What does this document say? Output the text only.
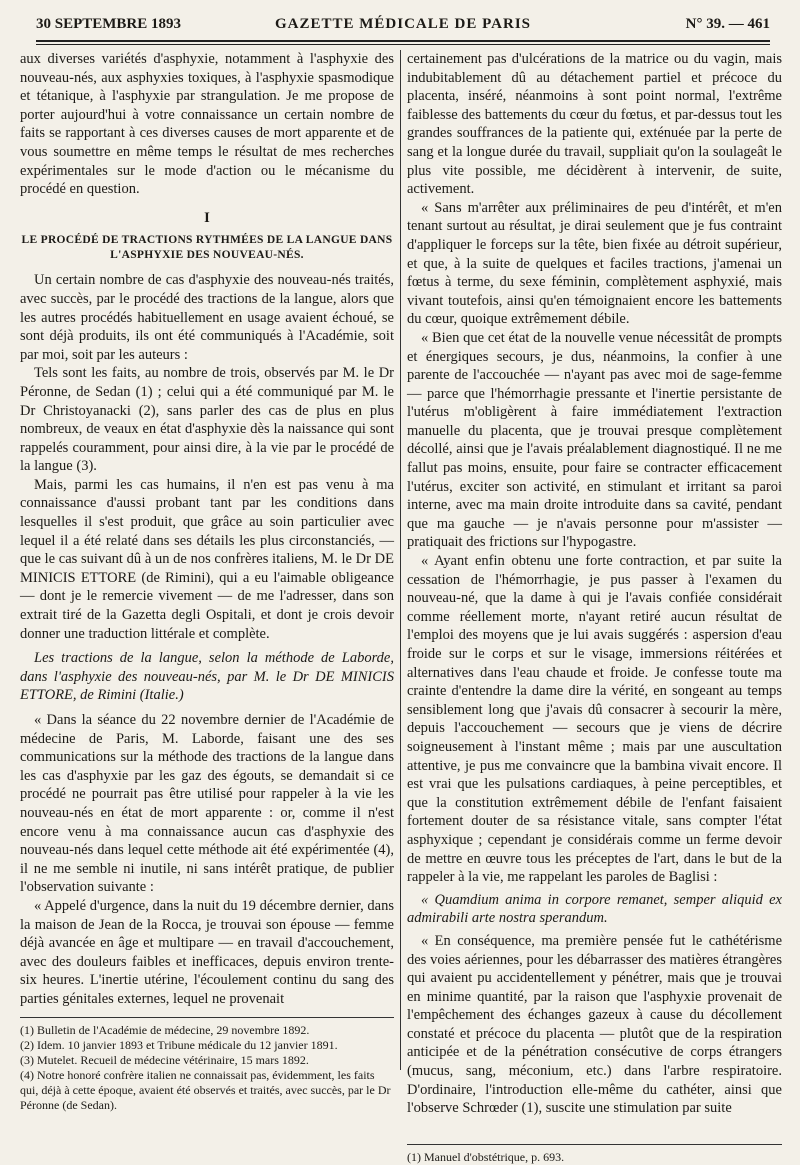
30 SEPTEMBRE 1893	GAZETTE MÉDICALE DE PARIS	N° 39. — 461

aux diverses variétés d'asphyxie, notamment à l'asphyxie des nouveau-nés, aux asphyxies toxiques, à l'asphyxie spasmodique et tétanique, à l'asphyxie par strangulation. Je me propose de porter aujourd'hui à votre connaissance un certain nombre de faits se rapportant à ces diverses causes de mort apparente et de vous soumettre en même temps le résultat de mes recherches expérimentales sur le mode d'action ou le mécanisme du procédé en question.

I
LE PROCÉDÉ DE TRACTIONS RYTHMÉES DE LA LANGUE DANS L'ASPHYXIE DES NOUVEAU-NÉS.

Un certain nombre de cas d'asphyxie des nouveau-nés traités, avec succès, par le procédé des tractions de la langue, alors que les autres procédés habituellement en usage avaient échoué, se sont déjà produits, ils ont été communiqués à l'Académie, soit par moi, soit par les auteurs :

Tels sont les faits, au nombre de trois, observés par M. le Dr Péronne, de Sedan (1) ; celui qui a été communiqué par M. le Dr Christoyanacki (2), sans parler des cas de plus en plus nombreux, de veaux en état d'asphyxie dès la naissance qui sont rappelés couramment, pour ainsi dire, à la vie par le procédé de la langue (3).

Mais, parmi les cas humains, il n'en est pas venu à ma connaissance d'aussi probant tant par les conditions dans lesquelles il s'est produit, que grâce au soin particulier avec lequel il a été relaté dans ses détails les plus circonstanciés, — que le cas suivant dû à un de nos confrères italiens, M. le Dr DE MINICIS ETTORE (de Rimini), qui a eu l'aimable obligeance — dont je le remercie vivement — de me l'adresser, dans son extrait tiré de la Gazetta degli Ospitali, et dont je crois devoir donner une traduction littérale et complète.

Les tractions de la langue, selon la méthode de Laborde, dans l'asphyxie des nouveau-nés, par M. le Dr DE MINICIS ETTORE, de Rimini (Italie.)

« Dans la séance du 22 novembre dernier de l'Académie de médecine de Paris, M. Laborde, faisant une des ses communications sur la méthode des tractions de la langue dans les cas d'asphyxie par les gaz des égouts, se demandait si ce procédé ne pourrait pas être utilisé pour rappeler à la vie les nouveau-nés en état de mort apparente : or, comme il n'est encore venu à ma connaissance aucun cas d'asphyxie des nouveau-nés dans lequel cette méthode ait été expérimentée (4), il ne me semble ni inutile, ni sans intérêt pratique, de publier l'observation suivante :

« Appelé d'urgence, dans la nuit du 19 décembre dernier, dans la maison de Jean de la Rocca, je trouvai son épouse — femme déjà avancée en âge et multipare — en travail d'accouchement, avec des douleurs faibles et inefficaces, depuis environ trente-six heures. L'inertie utérine, l'écoulement continu du sang des parties génitales externes, lequel ne provenait

(1) Bulletin de l'Académie de médecine, 29 novembre 1892.

(2) Idem. 10 janvier 1893 et Tribune médicale du 12 janvier 1891.

(3) Mutelet. Recueil de médecine vétérinaire, 15 mars 1892.

(4) Notre honoré confrère italien ne connaissait pas, évidemment, les faits qui, déjà à cette époque, avaient été observés et traités, avec succès, par le Dr Péronne (de Sedan).

certainement pas d'ulcérations de la matrice ou du vagin, mais indubitablement dû au détachement partiel et précoce du placenta, inséré, néanmoins à sont point normal, l'extrême faiblesse des battements du cœur du fœtus, et par-dessus tout les grandes souffrances de la patiente qui, exténuée par la perte de sang et la longue durée du travail, suppliait qu'on la soulageât le plus vite possible, me décidèrent à intervenir, de suite, activement.

« Sans m'arrêter aux préliminaires de peu d'intérêt, et m'en tenant surtout au résultat, je dirai seulement que je fus contraint d'appliquer le forceps sur la tête, bien fixée au détroit supérieur, et que, à la suite de quelques et faciles tractions, j'amenai un fœtus à terme, du sexe féminin, complètement asphyxié, mais vivant toutefois, ainsi qu'en témoignaient encore les battements du cœur, quoique extrêmement débile.

« Bien que cet état de la nouvelle venue nécessitât de prompts et énergiques secours, je dus, néanmoins, la confier à une parente de l'accouchée — n'ayant pas avec moi de sage-femme — parce que l'hémorrhagie pressante et l'inertie persistante de l'utérus m'obligèrent à faire immédiatement l'extraction manuelle du placenta, que je trouvai presque complètement décollé, ainsi que je l'avais préalablement diagnostiqué. Il ne me fallut pas moins, ensuite, pour faire se contracter efficacement l'utérus, exciter son activité, en stimulant et irritant sa paroi interne, avec ma main droite introduite dans sa cavité, pendant que ma gauche — je n'avais personne pour m'assister — pratiquait des frictions sur l'hypogastre.

« Ayant enfin obtenu une forte contraction, et par suite la cessation de l'hémorrhagie, je pus passer à l'examen du nouveau-né, que la dame à qui je l'avais confiée considérait comme réellement morte, n'ayant retiré aucun résultat de l'emploi des moyens que je lui avais suggérés : aspersion d'eau froide sur le corps et sur le visage, immersions réitérées et alternatives dans l'eau chaude et froide. Je confesse toute ma crainte d'entendre la dame dire la vérité, en songeant au temps sensiblement long que j'avais dû consacrer à secourir la mère, depuis l'accouchement — secours que je viens de décrire soigneusement à l'instant même ; mais par une auscultation attentive, je pus me convaincre que la bambina vivait encore. Il est vrai que les pulsations cardiaques, à peine perceptibles, et que la constitution extrêmement débile de l'enfant faisaient fortement douter de sa résistance vitale, sans compter l'état asphyxique ; cependant je considérais comme un ferme devoir de mettre en œuvre tous les préceptes de l'art, dans le but de la rappeler à la vie, me rappelant les paroles de Baglisi :

« Quamdium anima in corpore remanet, semper aliquid ex admirabili arte nostra sperandum.

« En conséquence, ma première pensée fut le cathétérisme des voies aériennes, pour les débarrasser des matières étrangères qui avaient pu accidentellement y pénétrer, mais que je trouvai en minime quantité, par la raison que l'asphyxie provenait de l'empêchement des échanges gazeux à cause du décollement constaté et précoce du placenta — plutôt que de la respiration anticipée et de la pénétration consécutive de corps étrangers (mucus, sang, méconium, etc.) dans l'arbre respiratoire. D'ordinaire, l'introduction elle-même du cathéter, ainsi que l'observe Schrœder (1), suscite une stimulation par suite

(1) Manuel d'obstétrique, p. 693.
